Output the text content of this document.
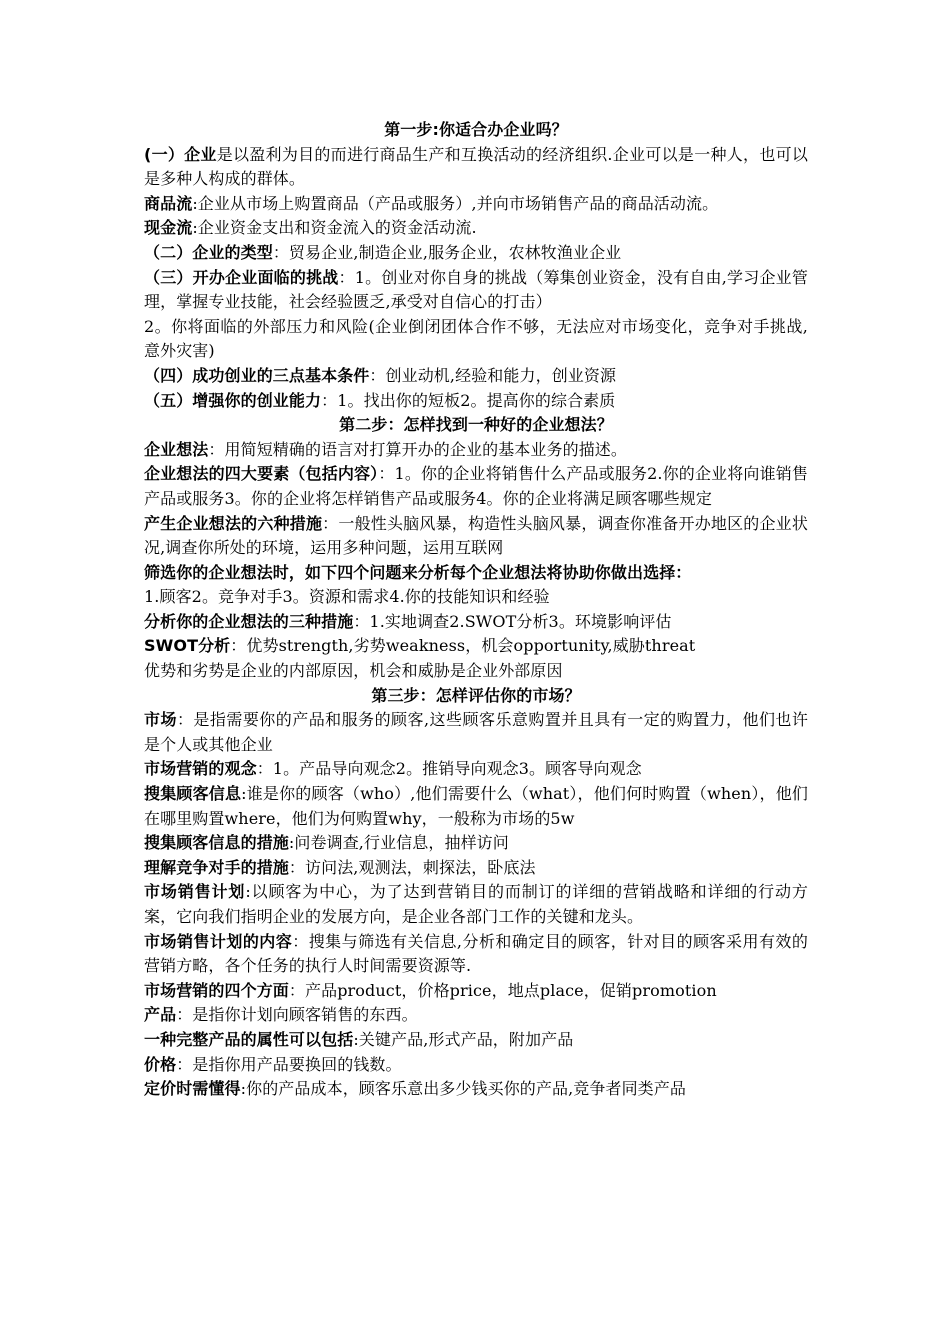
第一步:你适合办企业吗？

(一）企业是以盈利为目的而进行商品生产和互换活动的经济组织.企业可以是一种人，也可以是多种人构成的群体。

商品流:企业从市场上购置商品（产品或服务）,并向市场销售产品的商品活动流。

现金流:企业资金支出和资金流入的资金活动流.

（二）企业的类型：贸易企业,制造企业,服务企业，农林牧渔业企业

（三）开办企业面临的挑战：1。创业对你自身的挑战（筹集创业资金，没有自由,学习企业管理，掌握专业技能，社会经验匮乏,承受对自信心的打击）

2。你将面临的外部压力和风险(企业倒闭团体合作不够，无法应对市场变化，竞争对手挑战,意外灾害)

（四）成功创业的三点基本条件：创业动机,经验和能力，创业资源

（五）增强你的创业能力：1。找出你的短板2。提高你的综合素质

第二步：怎样找到一种好的企业想法？

企业想法：用简短精确的语言对打算开办的企业的基本业务的描述。

企业想法的四大要素（包括内容）：1。你的企业将销售什么产品或服务2.你的企业将向谁销售产品或服务3。你的企业将怎样销售产品或服务4。你的企业将满足顾客哪些规定

产生企业想法的六种措施：一般性头脑风暴，构造性头脑风暴，调查你准备开办地区的企业状况,调查你所处的环境，运用多种问题，运用互联网

筛选你的企业想法时，如下四个问题来分析每个企业想法将协助你做出选择：

1.顾客2。竞争对手3。资源和需求4.你的技能知识和经验

分析你的企业想法的三种措施：1.实地调查2.SWOT分析3。环境影响评估

SWOT分析：优势strength,劣势weakness，机会opportunity,威胁threat

优势和劣势是企业的内部原因，机会和威胁是企业外部原因

第三步：怎样评估你的市场？

市场：是指需要你的产品和服务的顾客,这些顾客乐意购置并且具有一定的购置力，他们也许是个人或其他企业

市场营销的观念：1。产品导向观念2。推销导向观念3。顾客导向观念

搜集顾客信息:谁是你的顾客（who）,他们需要什么（what），他们何时购置（when），他们在哪里购置where，他们为何购置why，一般称为市场的5w

搜集顾客信息的措施:问卷调查,行业信息，抽样访问

理解竞争对手的措施：访问法,观测法，刺探法，卧底法

市场销售计划:以顾客为中心，为了达到营销目的而制订的详细的营销战略和详细的行动方案，它向我们指明企业的发展方向，是企业各部门工作的关键和龙头。

市场销售计划的内容：搜集与筛选有关信息,分析和确定目的顾客，针对目的顾客采用有效的营销方略，各个任务的执行人时间需要资源等.

市场营销的四个方面：产品product，价格price，地点place，促销promotion

产品：是指你计划向顾客销售的东西。

一种完整产品的属性可以包括:关键产品,形式产品，附加产品

价格：是指你用产品要换回的钱数。

定价时需懂得:你的产品成本，顾客乐意出多少钱买你的产品,竞争者同类产品
